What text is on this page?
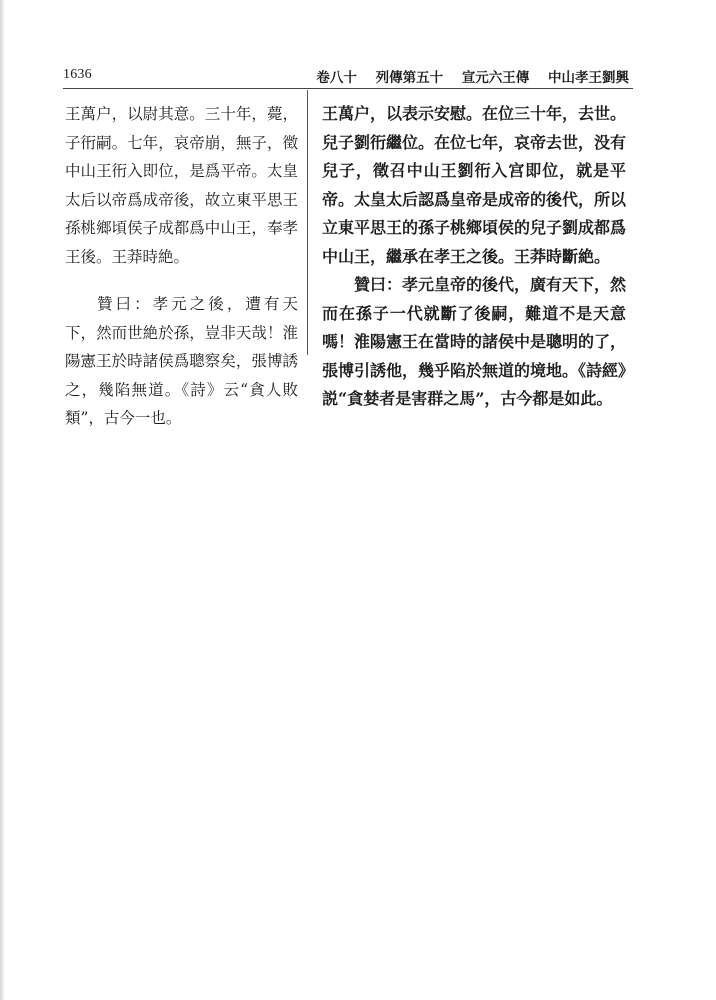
1636	卷八十 列傳第五十 宣元六王傳 中山孝王劉興

王萬户，以尉其意。三十年，薨，子衎嗣。七年，哀帝崩，無子，徵中山王衎入即位，是爲平帝。太皇太后以帝爲成帝後，故立東平思王孫桃鄉頃侯子成都爲中山王，奉孝王後。王莽時絶。

贊曰：孝元之後，遭有天下，然而世絶於孫，豈非天哉！淮陽憲王於時諸侯爲聰察矣，張博誘之，幾陷無道。《詩》云“貪人敗類”，古今一也。

王萬户，以表示安慰。在位三十年，去世。兒子劉衎繼位。在位七年，哀帝去世，没有兒子，徵召中山王劉衎入宫即位，就是平帝。太皇太后認爲皇帝是成帝的後代，所以立東平思王的孫子桃鄉頃侯的兒子劉成都爲中山王，繼承在孝王之後。王莽時斷絶。

贊曰：孝元皇帝的後代，廣有天下，然而在孫子一代就斷了後嗣，難道不是天意嗎！淮陽憲王在當時的諸侯中是聰明的了，張博引誘他，幾乎陷於無道的境地。《詩經》説“貪婪者是害群之馬”，古今都是如此。
